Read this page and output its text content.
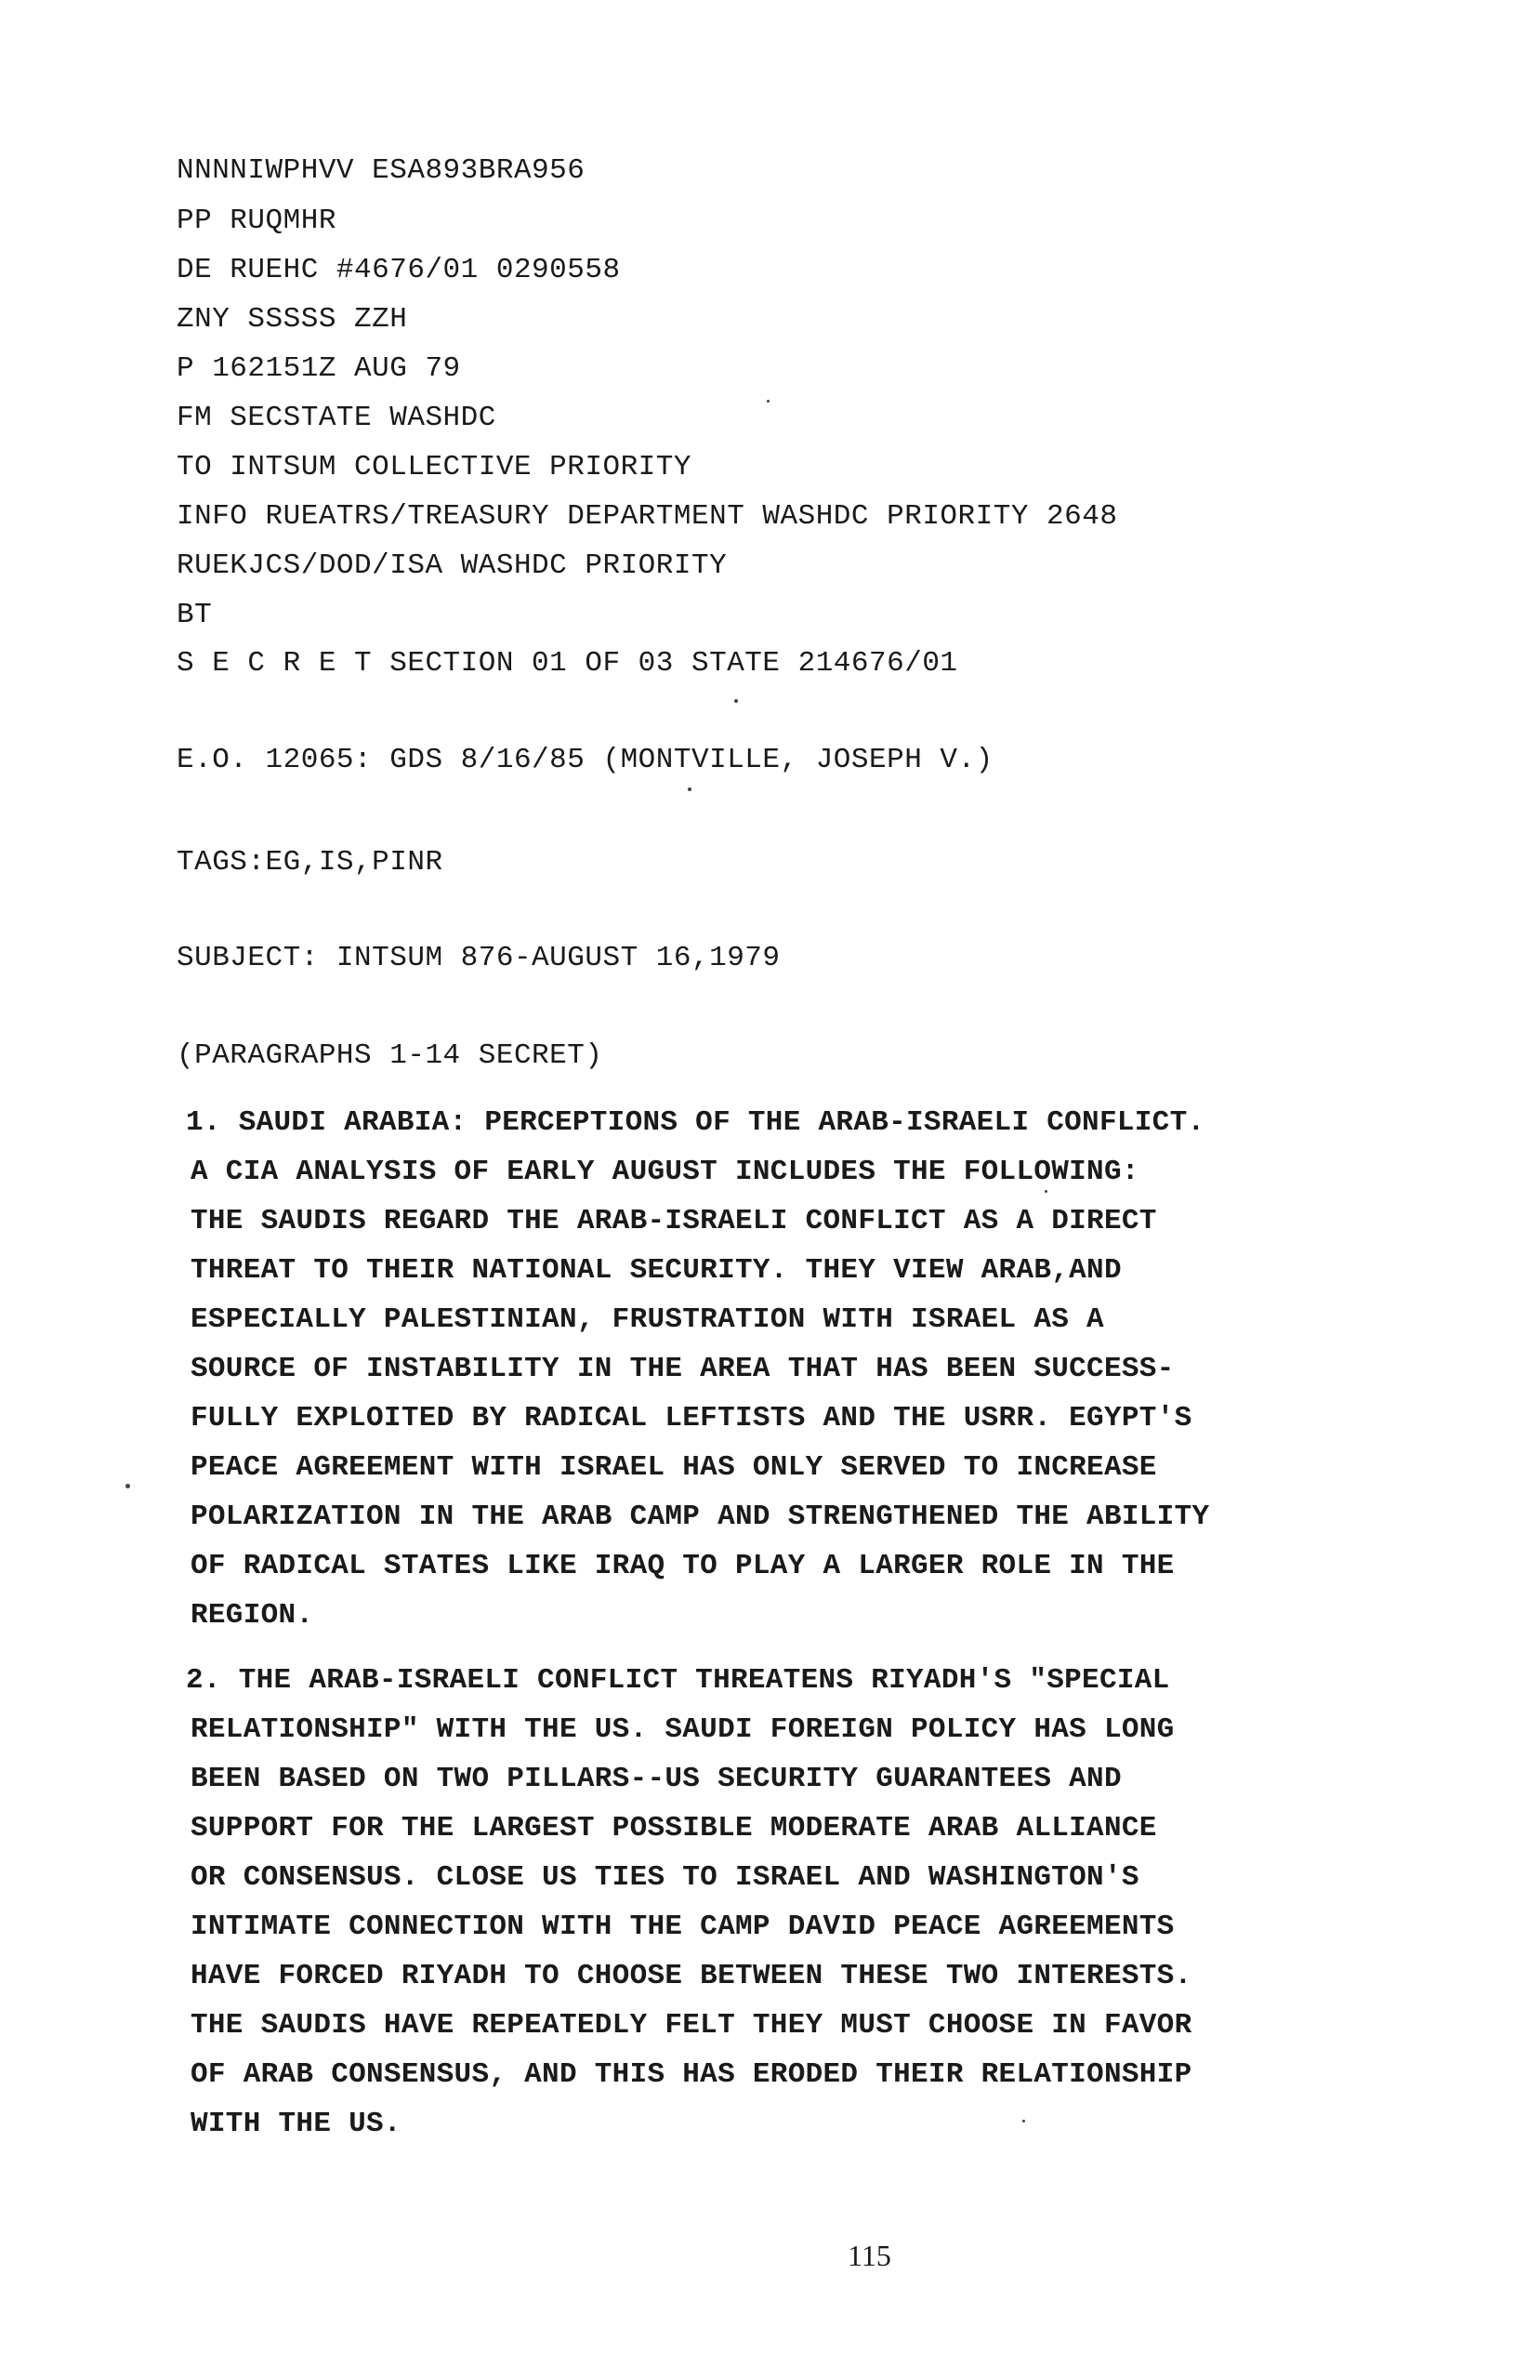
NNNNIWPHVV ESA893BRA956
PP RUQMHR
DE RUEHC #4676/01 0290558
ZNY SSSSS ZZH
P 162151Z AUG 79
FM SECSTATE WASHDC
TO INTSUM COLLECTIVE PRIORITY
INFO RUEATRS/TREASURY DEPARTMENT WASHDC PRIORITY 2648
RUEKJCS/DOD/ISA WASHDC PRIORITY
BT
S E C R E T SECTION 01 OF 03 STATE 214676/01
E.O. 12065: GDS 8/16/85 (MONTVILLE, JOSEPH V.)
TAGS:EG,IS,PINR
SUBJECT: INTSUM 876-AUGUST 16,1979
(PARAGRAPHS 1-14 SECRET)
1. SAUDI ARABIA: PERCEPTIONS OF THE ARAB-ISRAELI CONFLICT.
A CIA ANALYSIS OF EARLY AUGUST INCLUDES THE FOLLOWING:
THE SAUDIS REGARD THE ARAB-ISRAELI CONFLICT AS A DIRECT
THREAT TO THEIR NATIONAL SECURITY. THEY VIEW ARAB,AND
ESPECIALLY PALESTINIAN, FRUSTRATION WITH ISRAEL AS A
SOURCE OF INSTABILITY IN THE AREA THAT HAS BEEN SUCCESS-
FULLY EXPLOITED BY RADICAL LEFTISTS AND THE USRR. EGYPT'S
PEACE AGREEMENT WITH ISRAEL HAS ONLY SERVED TO INCREASE
POLARIZATION IN THE ARAB CAMP AND STRENGTHENED THE ABILITY
OF RADICAL STATES LIKE IRAQ TO PLAY A LARGER ROLE IN THE
REGION.
2. THE ARAB-ISRAELI CONFLICT THREATENS RIYADH'S "SPECIAL
RELATIONSHIP" WITH THE US. SAUDI FOREIGN POLICY HAS LONG
BEEN BASED ON TWO PILLARS--US SECURITY GUARANTEES AND
SUPPORT FOR THE LARGEST POSSIBLE MODERATE ARAB ALLIANCE
OR CONSENSUS. CLOSE US TIES TO ISRAEL AND WASHINGTON'S
INTIMATE CONNECTION WITH THE CAMP DAVID PEACE AGREEMENTS
HAVE FORCED RIYADH TO CHOOSE BETWEEN THESE TWO INTERESTS.
THE SAUDIS HAVE REPEATEDLY FELT THEY MUST CHOOSE IN FAVOR
OF ARAB CONSENSUS, AND THIS HAS ERODED THEIR RELATIONSHIP
WITH THE US.
115
